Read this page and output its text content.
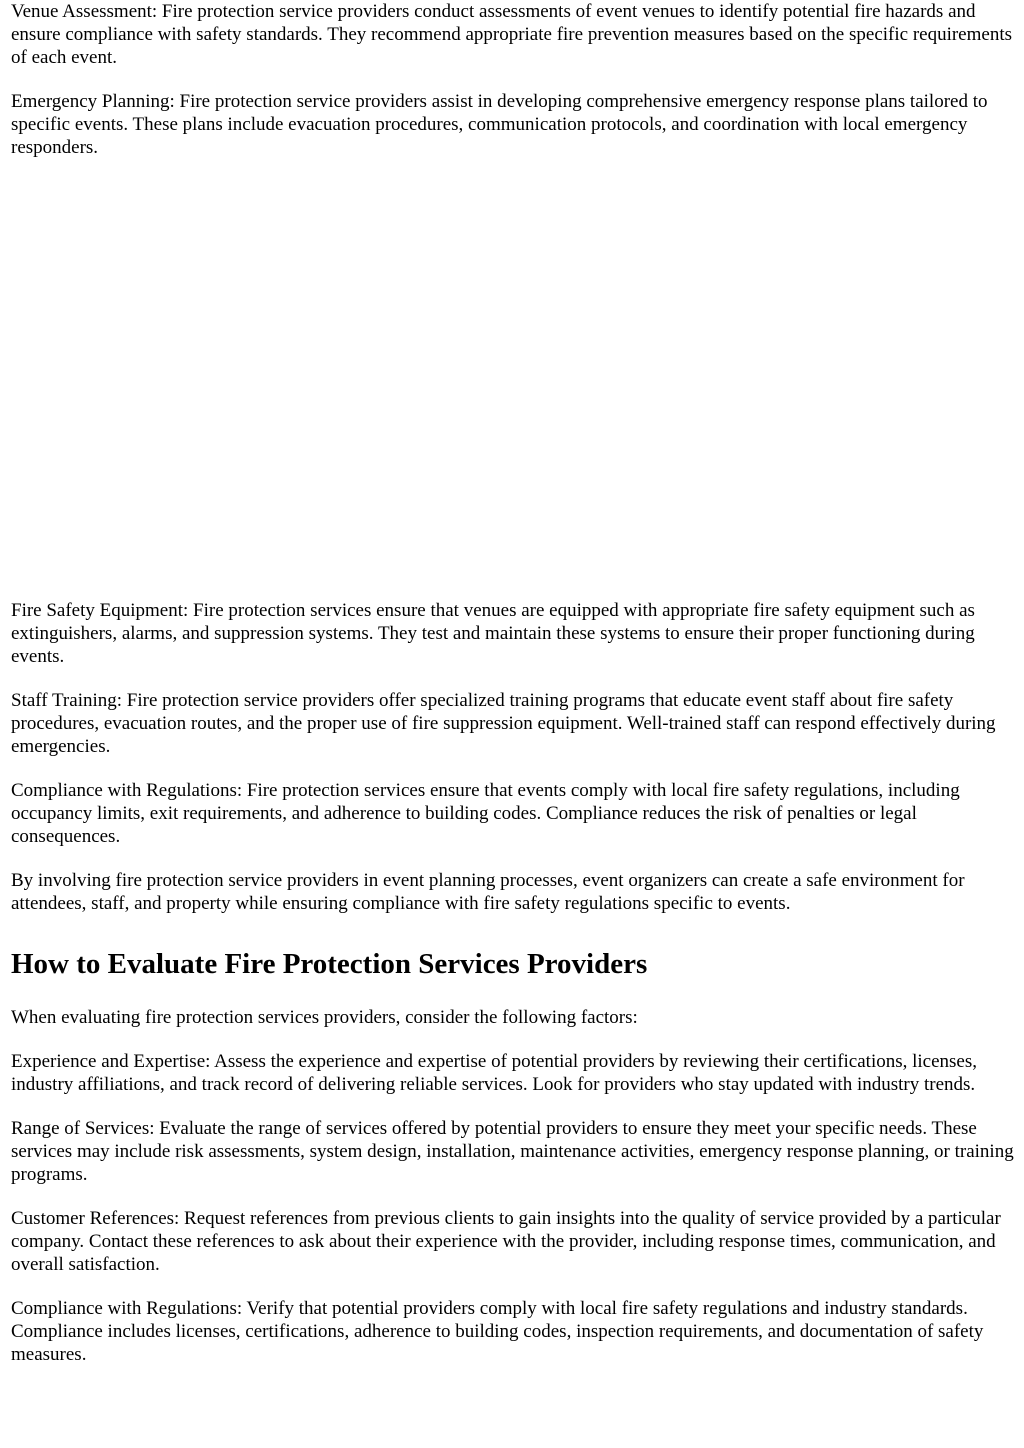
Venue Assessment: Fire protection service providers conduct assessments of event venues to identify potential fire hazards and ensure compliance with safety standards. They recommend appropriate fire prevention measures based on the specific requirements of each event.

Emergency Planning: Fire protection service providers assist in developing comprehensive emergency response plans tailored to specific events. These plans include evacuation procedures, communication protocols, and coordination with local emergency responders.

Fire Safety Equipment: Fire protection services ensure that venues are equipped with appropriate fire safety equipment such as extinguishers, alarms, and suppression systems. They test and maintain these systems to ensure their proper functioning during events.

Staff Training: Fire protection service providers offer specialized training programs that educate event staff about fire safety procedures, evacuation routes, and the proper use of fire suppression equipment. Well-trained staff can respond effectively during emergencies.

Compliance with Regulations: Fire protection services ensure that events comply with local fire safety regulations, including occupancy limits, exit requirements, and adherence to building codes. Compliance reduces the risk of penalties or legal consequences.

By involving fire protection service providers in event planning processes, event organizers can create a safe environment for attendees, staff, and property while ensuring compliance with fire safety regulations specific to events.

How to Evaluate Fire Protection Services Providers

When evaluating fire protection services providers, consider the following factors:

Experience and Expertise: Assess the experience and expertise of potential providers by reviewing their certifications, licenses, industry affiliations, and track record of delivering reliable services. Look for providers who stay updated with industry trends.

Range of Services: Evaluate the range of services offered by potential providers to ensure they meet your specific needs. These services may include risk assessments, system design, installation, maintenance activities, emergency response planning, or training programs.

Customer References: Request references from previous clients to gain insights into the quality of service provided by a particular company. Contact these references to ask about their experience with the provider, including response times, communication, and overall satisfaction.

Compliance with Regulations: Verify that potential providers comply with local fire safety regulations and industry standards. Compliance includes licenses, certifications, adherence to building codes, inspection requirements, and documentation of safety measures.
